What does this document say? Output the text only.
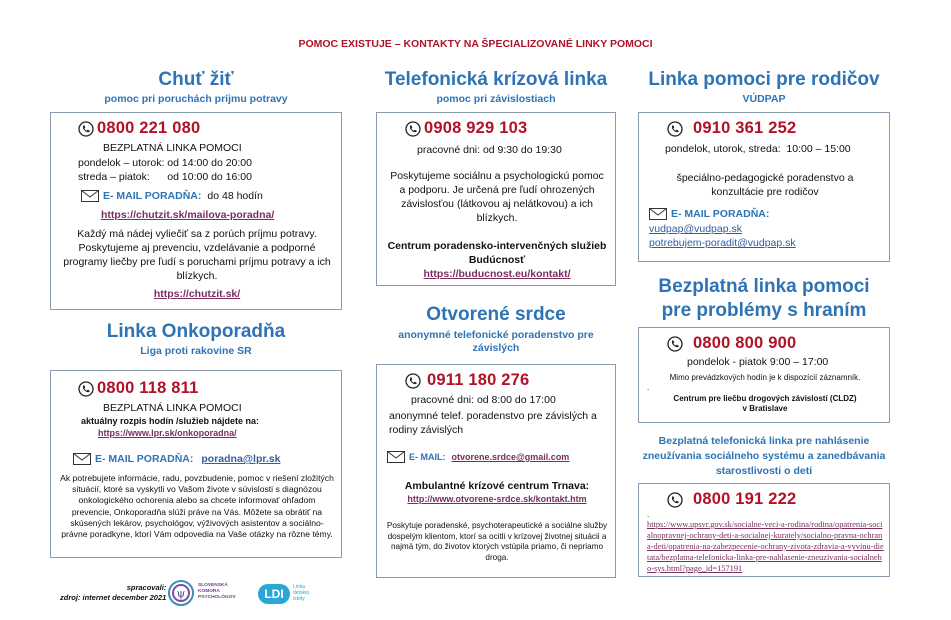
POMOC EXISTUJE – KONTAKTY NA ŠPECIALIZOVANÉ LINKY POMOCI
Chuť žiť
pomoc pri poruchách príjmu potravy
0800 221 080
BEZPLATNÁ LINKA POMOCI
pondelok – utorok: od 14:00 do 20:00
streda – piatok:      od 10:00 do 16:00
E- MAIL PORADŇA: do 48 hodín
https://chutzit.sk/mailova-poradna/
Každý má nádej vyliečiť sa z porúch príjmu potravy. Poskytujeme aj prevenciu, vzdelávanie a podporné programy liečby pre ľudí s poruchami príjmu potravy a ich blízkych.
https://chutzit.sk/
Linka Onkoporadňa
Liga proti rakovine SR
0800 118 811
BEZPLATNÁ LINKA POMOCI
aktuálny rozpis hodín /služieb nájdete na:
https://www.lpr.sk/onkoporadna/
E- MAIL PORADŇA: poradna@lpr.sk
Ak potrebujete informácie, radu, povzbudenie, pomoc v riešení zložitých situácií, ktoré sa vyskytli vo Vašom živote v súvislosti s diagnózou onkologického ochorenia alebo sa chcete informovať ohľadom prevencie, Onkoporadňa slúži práve na Vás. Môžete sa obrátiť na skúsených lekárov, psychológov, výživových asistentov a sociálno-právne poradkyne, ktorí Vám odpovedia na Vaše otázky na rôzne témy.
Telefonická krízová linka
pomoc pri závislostiach
0908 929 103
pracovné dni: od 9:30 do 19:30
Poskytujeme sociálnu a psychologickú pomoc a podporu. Je určená pre ľudí ohrozených závislosťou (látkovou aj nelátkovou) a ich blízkych.
Centrum poradensko-intervenčných služieb Budúcnosť
https://buducnost.eu/kontakt/
Otvorené srdce
anonymné telefonické poradenstvo pre závislých
0911 180 276
pracovné dni: od 8:00 do 17:00
anonymné telef. poradenstvo pre závislých a rodiny závislých
E- MAIL: otvorene.srdce@gmail.com
Ambulantné krízové centrum Trnava:
http://www.otvorene-srdce.sk/kontakt.htm
Poskytuje poradenské, psychoterapeutické a sociálne služby dospelým klientom, ktorí sa ocitli v krízovej životnej situácii a najmä tým, do životov ktorých vstúpila priamo, či nepriamo droga.
Linka pomoci pre rodičov
VÚDPAP
0910 361 252
pondelok, utorok, streda:  10:00 – 15:00
špeciálno-pedagogické poradenstvo a konzultácie pre rodičov
E- MAIL PORADŇA:
vudpap@vudpap.sk
potrebujem-poradit@vudpap.sk
Bezplatná linka pomoci
pre problémy s hraním
0800 800 900
pondelok - piatok 9:00 – 17:00
Mimo prevádzkových hodín je k dispozícií záznamník.
.
Centrum pre liečbu drogových závislostí (CLDZ)
v Bratislave
Bezplatná telefonická linka pre nahlásenie zneužívania sociálneho systému a zanedbávania starostlivosti o deti
0800 191 222
.
https://www.upsvr.gov.sk/socialne-veci-a-rodina/rodina/opatrenia-socialnopravnej-ochrany-deti-a-socialnej-kurately/socialno-pravna-ochrana-deti/opatrenia-na-zabezpecenie-ochrany-zivota-zdravia-a-vyvinu-dietata/bezplatna-telefonicka-linka-pre-nahlasenie-zneuzivania-socialneho-sys.html?page_id=157191
spracovali:
zdroj: internet december 2021 ψ
SLOVENSKÁ KOMORA PSYCHOLÓGOV	LDI	Linka detskej istoty
